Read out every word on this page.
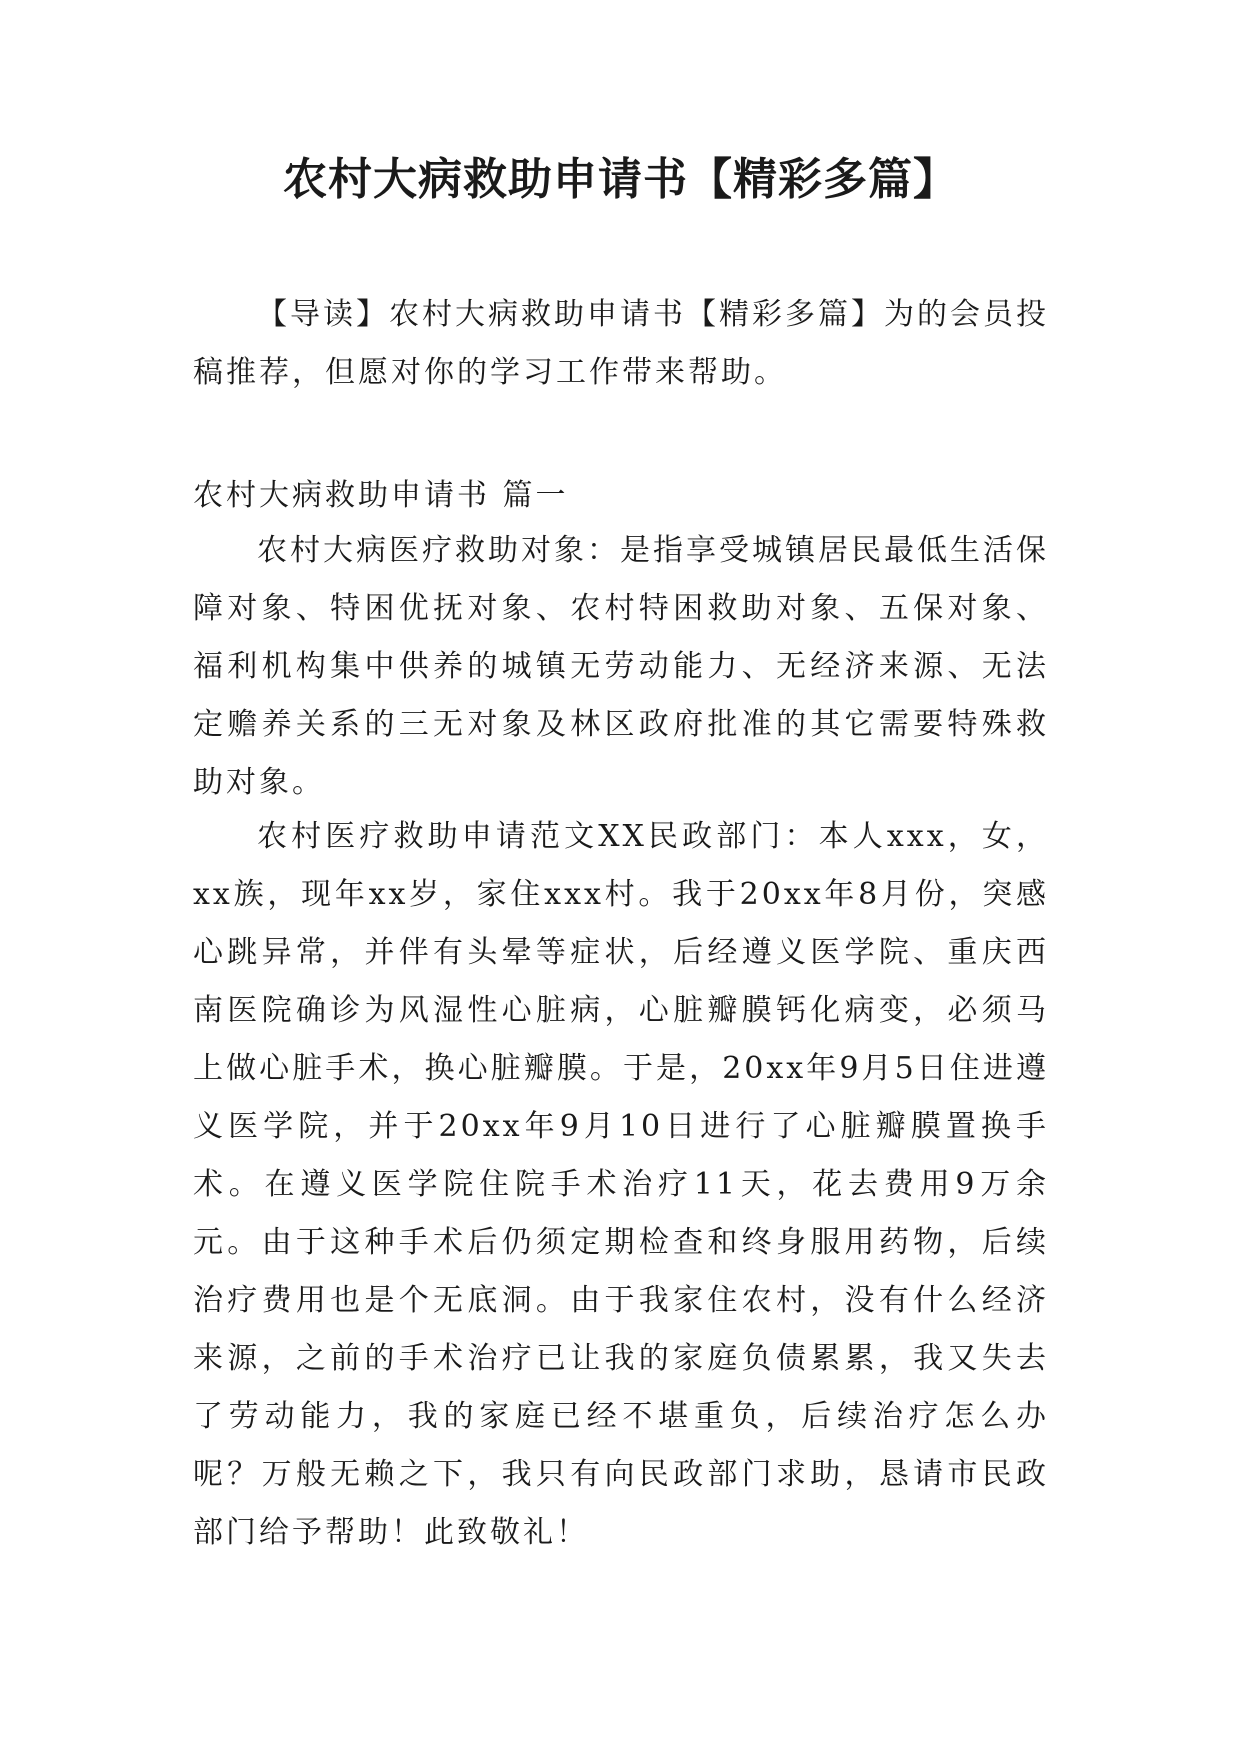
农村大病救助申请书【精彩多篇】

【导读】农村大病救助申请书【精彩多篇】为的会员投稿推荐，但愿对你的学习工作带来帮助。

农村大病救助申请书 篇一

农村大病医疗救助对象：是指享受城镇居民最低生活保障对象、特困优抚对象、农村特困救助对象、五保对象、福利机构集中供养的城镇无劳动能力、无经济来源、无法定赡养关系的三无对象及林区政府批准的其它需要特殊救助对象。

农村医疗救助申请范文XX民政部门：本人xxx，女，xx族，现年xx岁，家住xxx村。我于20xx年8月份，突感心跳异常，并伴有头晕等症状，后经遵义医学院、重庆西南医院确诊为风湿性心脏病，心脏瓣膜钙化病变，必须马上做心脏手术，换心脏瓣膜。于是，20xx年9月5日住进遵义医学院，并于20xx年9月10日进行了心脏瓣膜置换手术。在遵义医学院住院手术治疗11天，花去费用9万余元。由于这种手术后仍须定期检查和终身服用药物，后续治疗费用也是个无底洞。由于我家住农村，没有什么经济来源，之前的手术治疗已让我的家庭负债累累，我又失去了劳动能力，我的家庭已经不堪重负，后续治疗怎么办呢？万般无赖之下，我只有向民政部门求助，恳请市民政部门给予帮助！此致敬礼！
